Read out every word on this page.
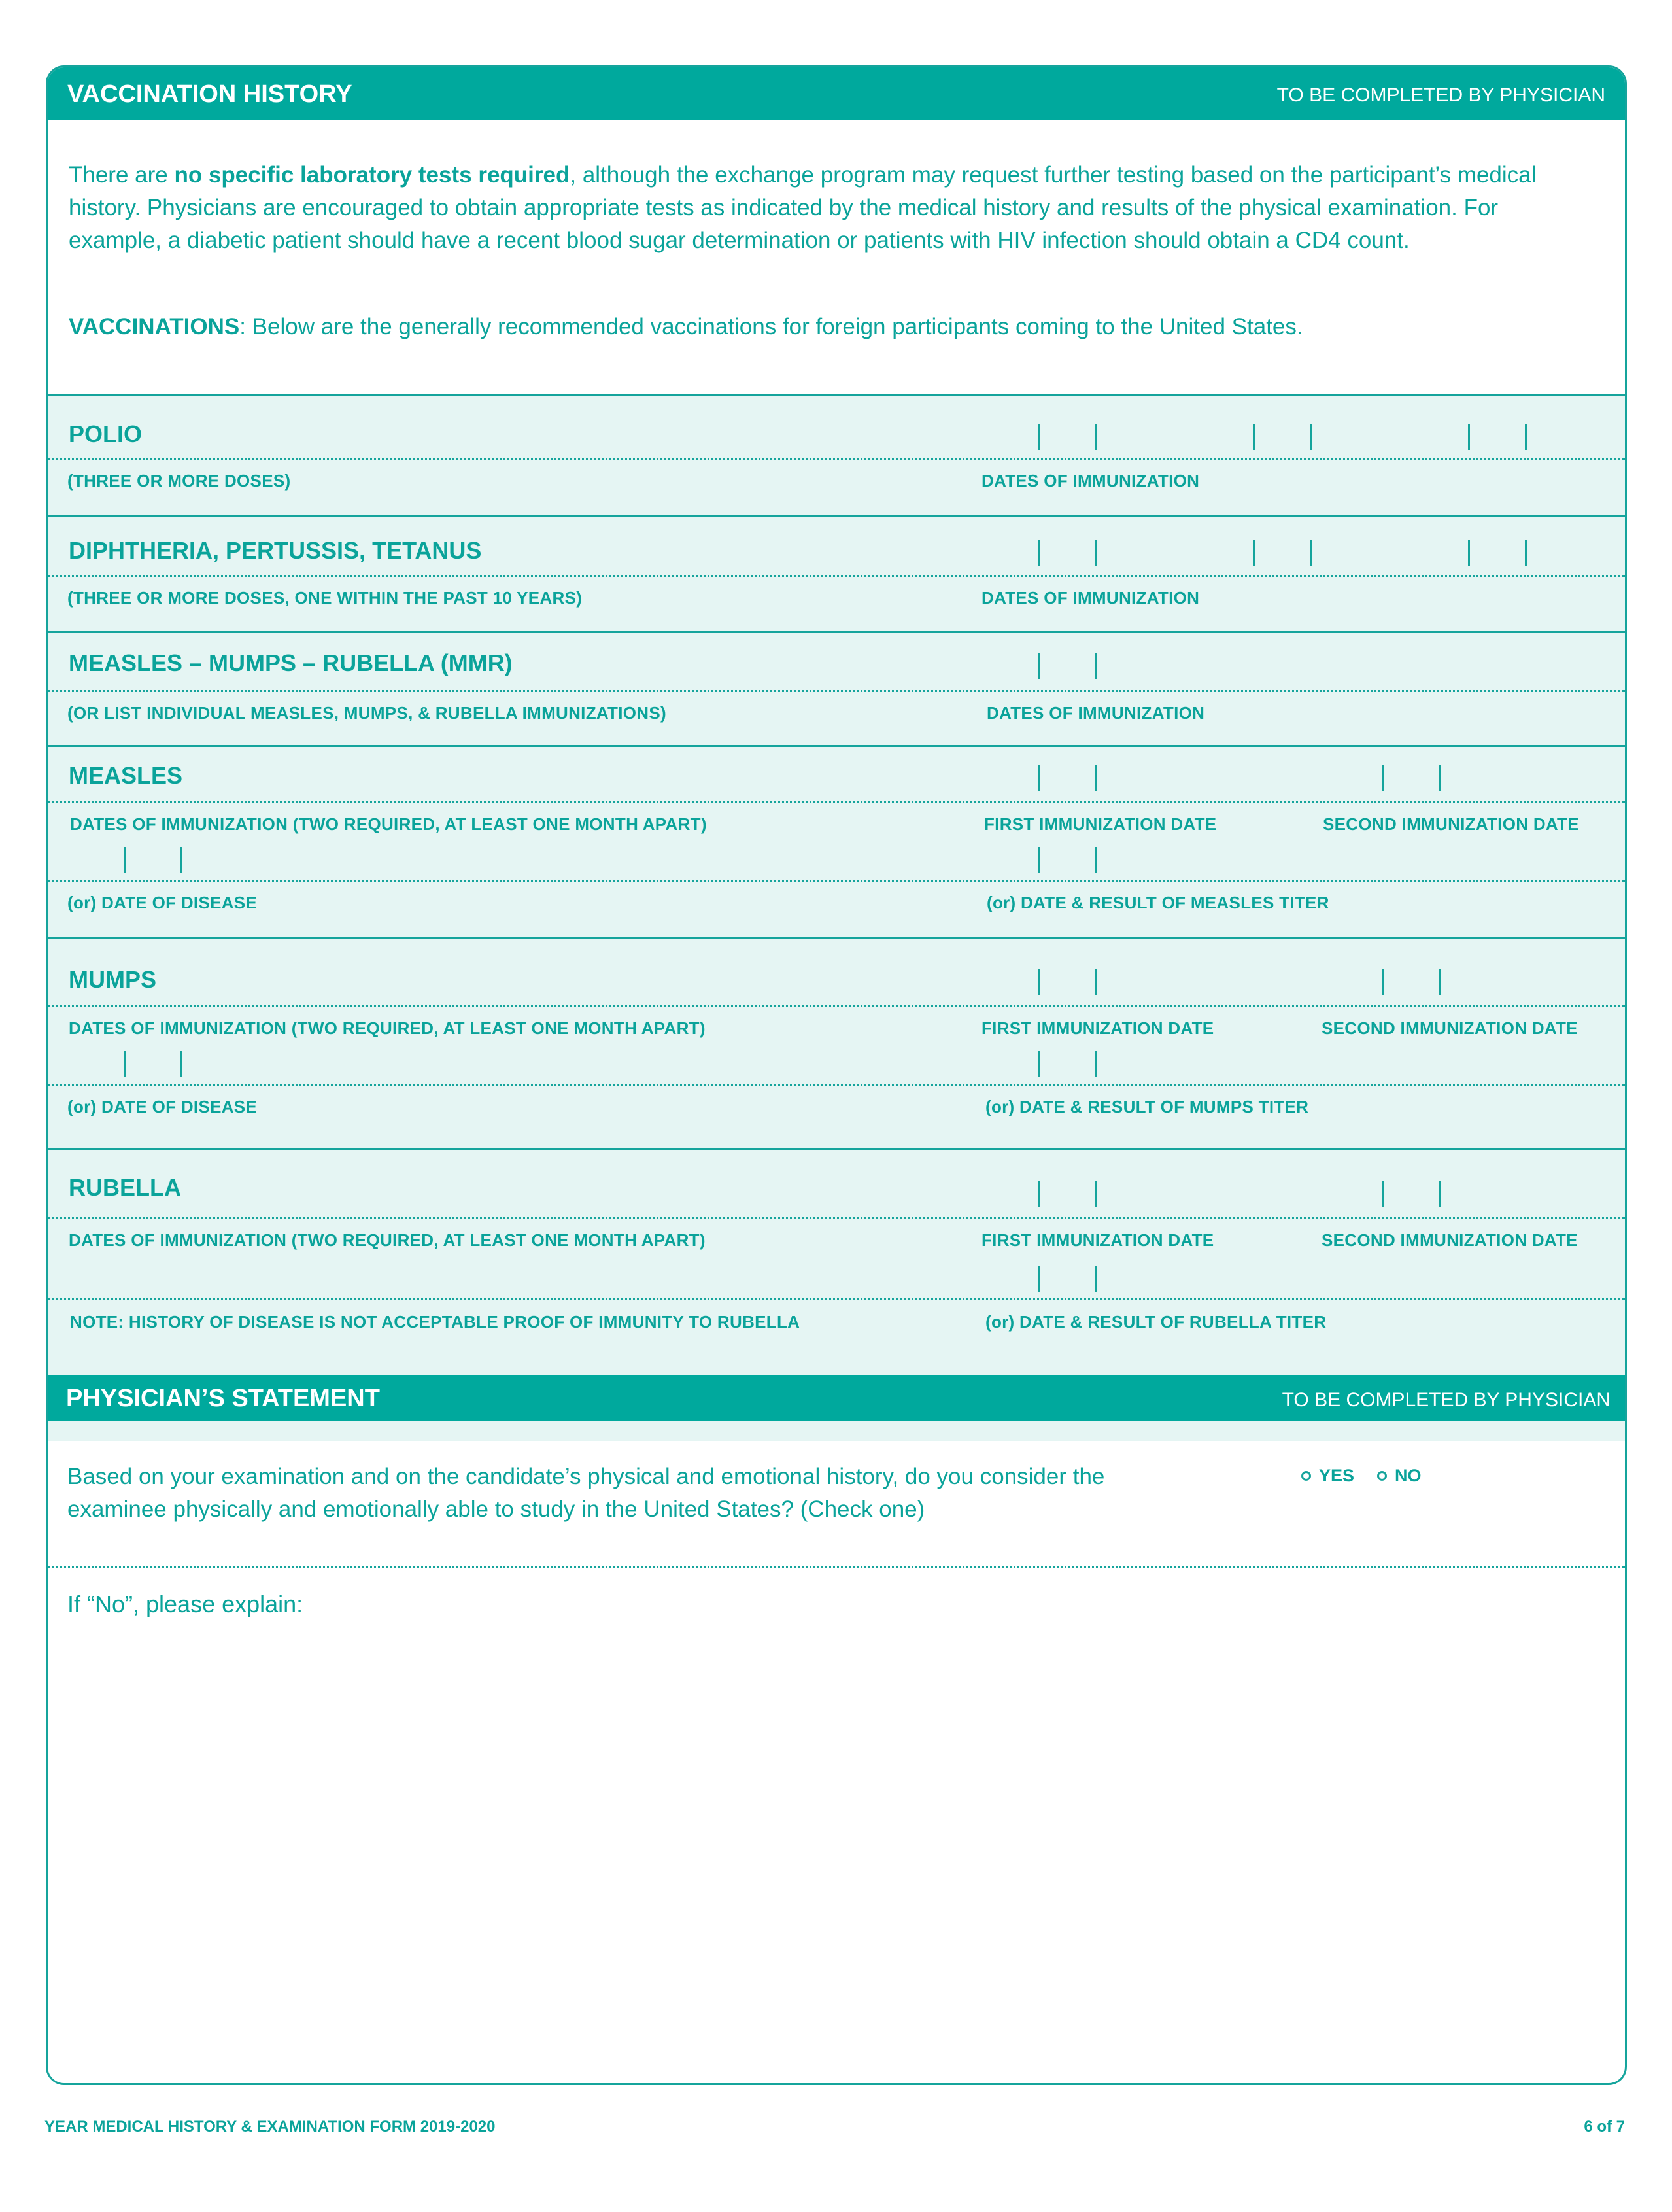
VACCINATION HISTORY	TO BE COMPLETED BY PHYSICIAN

There are no specific laboratory tests required, although the exchange program may request further testing based on the participant’s medical history. Physicians are encouraged to obtain appropriate tests as indicated by the medical history and results of the physical examination. For example, a diabetic patient should have a recent blood sugar determination or patients with HIV infection should obtain a CD4 count.

VACCINATIONS: Below are the generally recommended vaccinations for foreign participants coming to the United States.

POLIO
(THREE OR MORE DOSES)	DATES OF IMMUNIZATION
DIPHTHERIA, PERTUSSIS, TETANUS
(THREE OR MORE DOSES, ONE WITHIN THE PAST 10 YEARS)	DATES OF IMMUNIZATION
MEASLES – MUMPS – RUBELLA (MMR)
(OR LIST INDIVIDUAL MEASLES, MUMPS, & RUBELLA IMMUNIZATIONS)	DATES OF IMMUNIZATION
MEASLES
DATES OF IMMUNIZATION (TWO REQUIRED, AT LEAST ONE MONTH APART)	FIRST IMMUNIZATION DATE	SECOND IMMUNIZATION DATE
(or) DATE OF DISEASE	(or) DATE & RESULT OF MEASLES TITER
MUMPS
DATES OF IMMUNIZATION (TWO REQUIRED, AT LEAST ONE MONTH APART)	FIRST IMMUNIZATION DATE	SECOND IMMUNIZATION DATE
(or) DATE OF DISEASE	(or) DATE & RESULT OF MUMPS TITER
RUBELLA
DATES OF IMMUNIZATION (TWO REQUIRED, AT LEAST ONE MONTH APART)	FIRST IMMUNIZATION DATE	SECOND IMMUNIZATION DATE
NOTE: HISTORY OF DISEASE IS NOT ACCEPTABLE PROOF OF IMMUNITY TO RUBELLA	(or) DATE & RESULT OF RUBELLA TITER
PHYSICIAN’S STATEMENT	TO BE COMPLETED BY PHYSICIAN

Based on your examination and on the candidate’s physical and emotional history, do you consider the examinee physically and emotionally able to study in the United States? (Check one)

YES NO
If “No”, please explain:
YEAR MEDICAL HISTORY & EXAMINATION FORM 2019-2020	6 of 7
